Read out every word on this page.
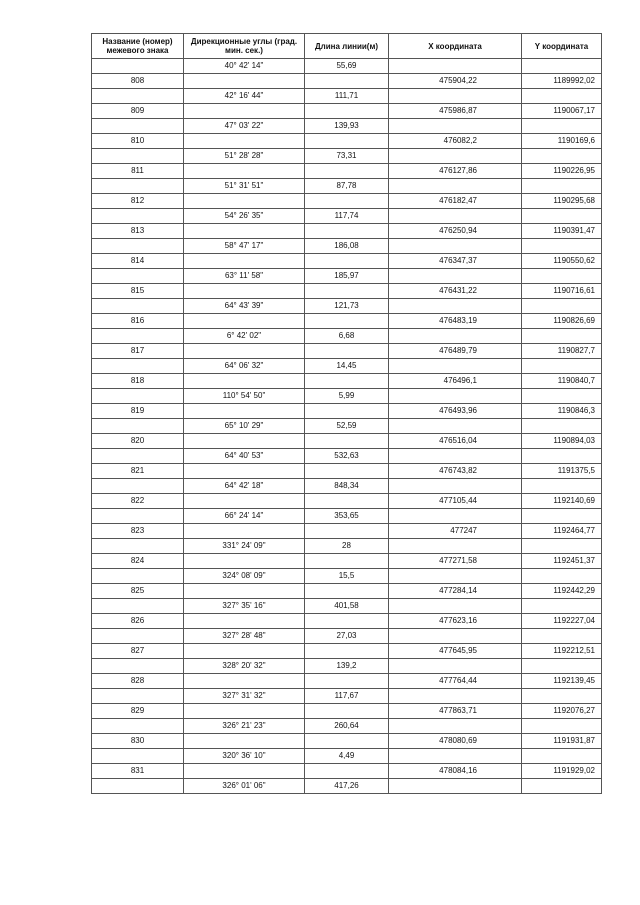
Название (номер) межевого знака	Дирекционные углы (град. мин. сек.)	Длина линии(м)	X координата	Y координата
	40° 42' 14"	55,69		
808			475904,22	1189992,02
	42° 16' 44"	111,71		
809			475986,87	1190067,17
	47° 03' 22"	139,93		
810			476082,2	1190169,6
	51° 28' 28"	73,31		
811			476127,86	1190226,95
	51° 31' 51"	87,78		
812			476182,47	1190295,68
	54° 26' 35"	117,74		
813			476250,94	1190391,47
	58° 47' 17"	186,08		
814			476347,37	1190550,62
	63° 11' 58"	185,97		
815			476431,22	1190716,61
	64° 43' 39"	121,73		
816			476483,19	1190826,69
	6° 42' 02"	6,68		
817			476489,79	1190827,7
	64° 06' 32"	14,45		
818			476496,1	1190840,7
	110° 54' 50"	5,99		
819			476493,96	1190846,3
	65° 10' 29"	52,59		
820			476516,04	1190894,03
	64° 40' 53"	532,63		
821			476743,82	1191375,5
	64° 42' 18"	848,34		
822			477105,44	1192140,69
	66° 24' 14"	353,65		
823			477247	1192464,77
	331° 24' 09"	28		
824			477271,58	1192451,37
	324° 08' 09"	15,5		
825			477284,14	1192442,29
	327° 35' 16"	401,58		
826			477623,16	1192227,04
	327° 28' 48"	27,03		
827			477645,95	1192212,51
	328° 20' 32"	139,2		
828			477764,44	1192139,45
	327° 31' 32"	117,67		
829			477863,71	1192076,27
	326° 21' 23"	260,64		
830			478080,69	1191931,87
	320° 36' 10"	4,49		
831			478084,16	1191929,02
	326° 01' 06"	417,26		
